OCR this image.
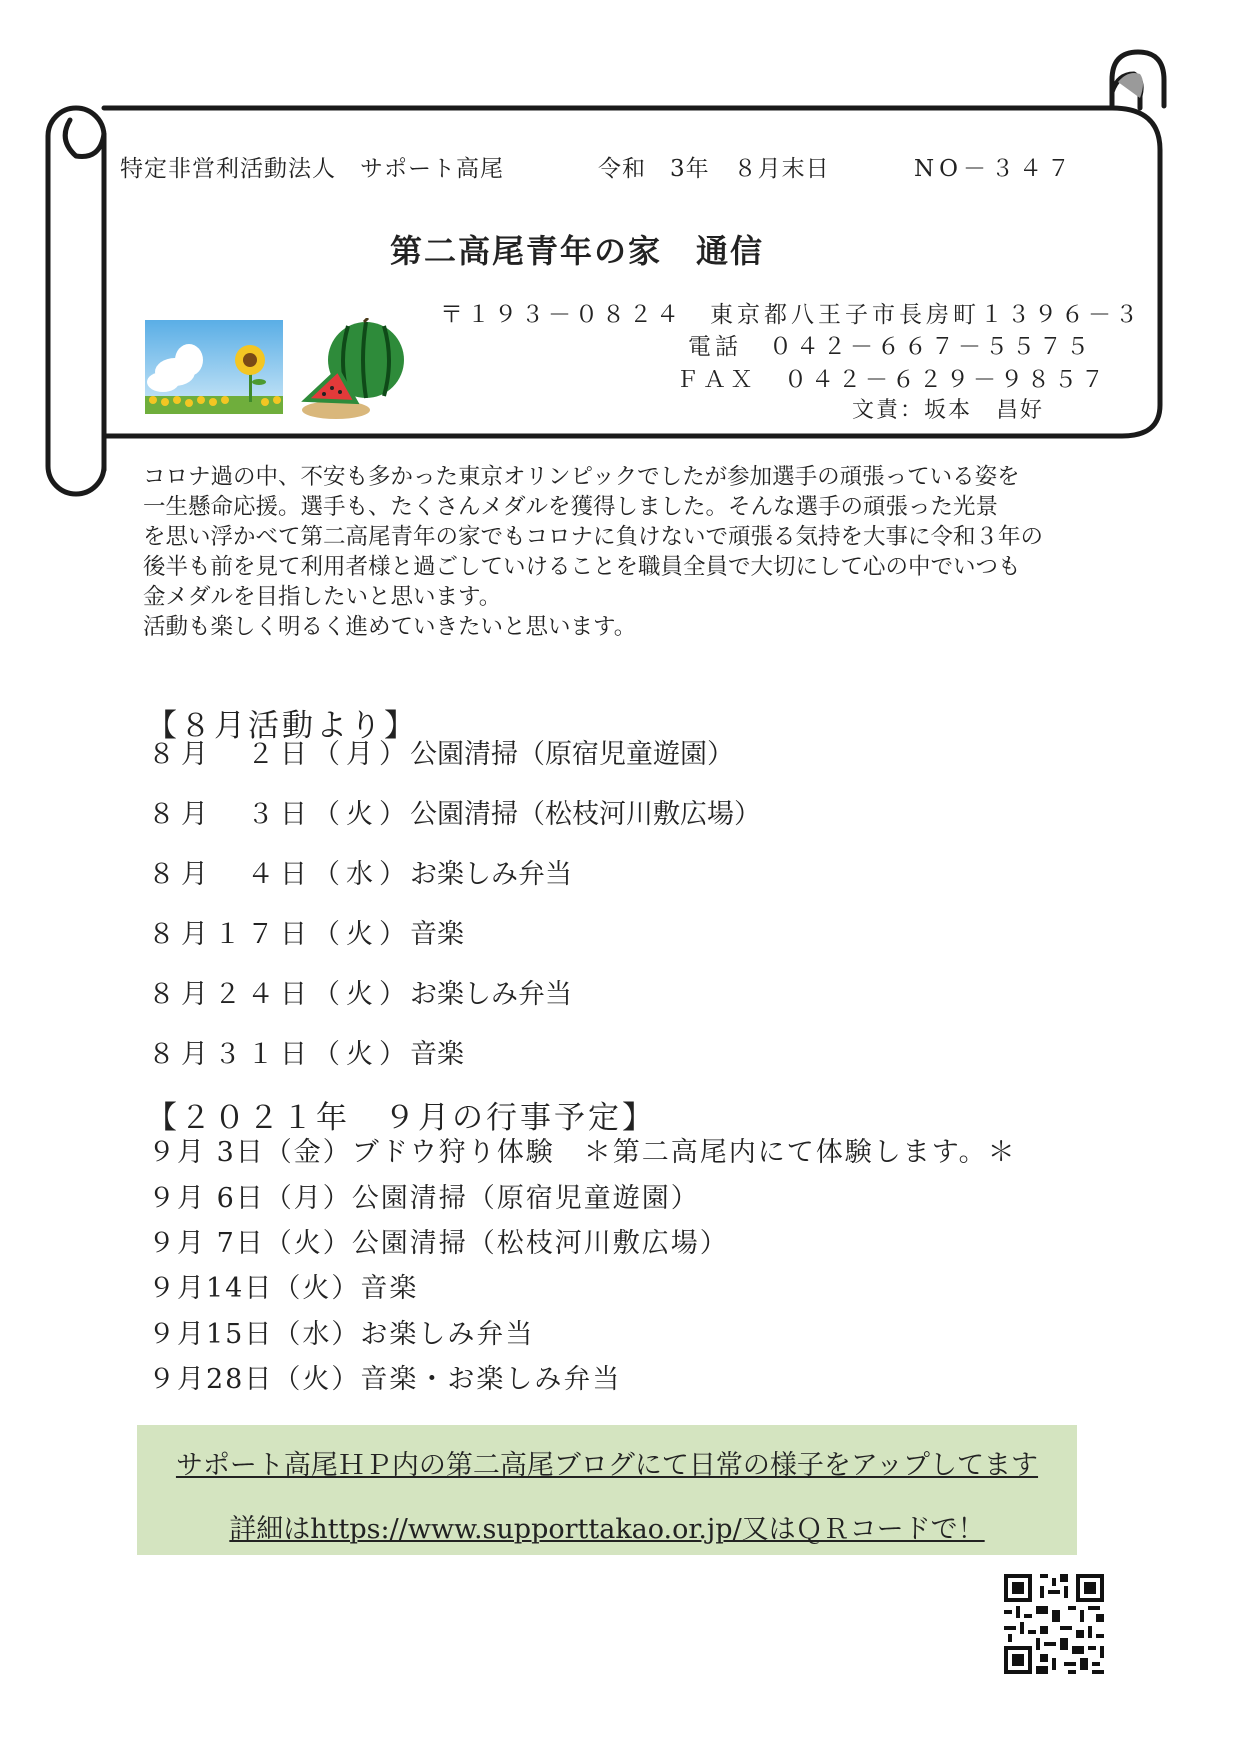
特定非営利活動法人　サポート高尾	令和　3年　８月末日	NO－３４７
第二高尾青年の家　通信
〒１９３－０８２４　東京都八王子市長房町１３９６－３
電話　０４２－６６７－５５７５
ＦＡＸ　０４２－６２９－９８５７
文責：坂本　昌好

コロナ過の中、不安も多かった東京オリンピックでしたが参加選手の頑張っている姿を

一生懸命応援。選手も、たくさんメダルを獲得しました。そんな選手の頑張った光景

を思い浮かべて第二高尾青年の家でもコロナに負けないで頑張る気持を大事に令和３年の

後半も前を見て利用者様と過ごしていけることを職員全員で大切にして心の中でいつも

金メダルを目指したいと思います。

活動も楽しく明るく進めていきたいと思います。

【８月活動より】
８月　２日（月）公園清掃（原宿児童遊園）
８月　３日（火）公園清掃（松枝河川敷広場）
８月　４日（水）お楽しみ弁当
８月１７日（火）音楽
８月２４日（火）お楽しみ弁当
８月３１日（火）音楽
【２０２１年　９月の行事予定】
９月 3日（金）ブドウ狩り体験　＊第二高尾内にて体験します。＊
９月 6日（月）公園清掃（原宿児童遊園）
９月 7日（火）公園清掃（松枝河川敷広場）
９月14日（火）音楽
９月15日（水）お楽しみ弁当
９月28日（火）音楽・お楽しみ弁当
サポート高尾ＨＰ内の第二高尾ブログにて日常の様子をアップしてます
詳細はhttps://www.supporttakao.or.jp/又はＱＲコードで！
